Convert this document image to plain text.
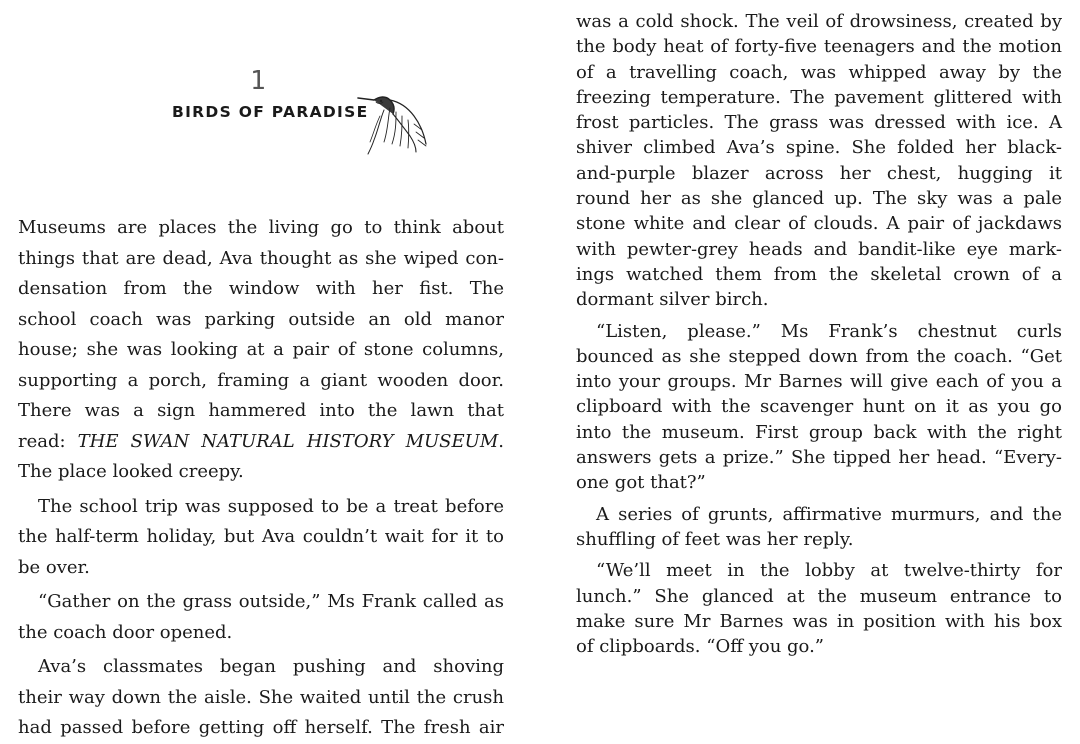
1
BIRDS OF PARADISE

Museums are places the living go to think about
things that are dead, Ava thought as she wiped con-
densation from the window with her fist. The
school coach was parking outside an old manor
house; she was looking at a pair of stone columns,
supporting a porch, framing a giant wooden door.
There was a sign hammered into the lawn that
read: THE SWAN NATURAL HISTORY MUSEUM.
The place looked creepy.

The school trip was supposed to be a treat before
the half-term holiday, but Ava couldn’t wait for it to
be over.

“Gather on the grass outside,” Ms Frank called as
the coach door opened.

Ava’s classmates began pushing and shoving
their way down the aisle. She waited until the crush
had passed before getting off herself. The fresh air

was a cold shock. The veil of drowsiness, created by
the body heat of forty-five teenagers and the motion
of a travelling coach, was whipped away by the
freezing temperature. The pavement glittered with
frost particles. The grass was dressed with ice. A
shiver climbed Ava’s spine. She folded her black-
and-purple blazer across her chest, hugging it
round her as she glanced up. The sky was a pale
stone white and clear of clouds. A pair of jackdaws
with pewter-grey heads and bandit-like eye mark-
ings watched them from the skeletal crown of a
dormant silver birch.

“Listen, please.” Ms Frank’s chestnut curls
bounced as she stepped down from the coach. “Get
into your groups. Mr Barnes will give each of you a
clipboard with the scavenger hunt on it as you go
into the museum. First group back with the right
answers gets a prize.” She tipped her head. “Every-
one got that?”

A series of grunts, affirmative murmurs, and the
shuffling of feet was her reply.

“We’ll meet in the lobby at twelve-thirty for
lunch.” She glanced at the museum entrance to
make sure Mr Barnes was in position with his box
of clipboards. “Off you go.”
